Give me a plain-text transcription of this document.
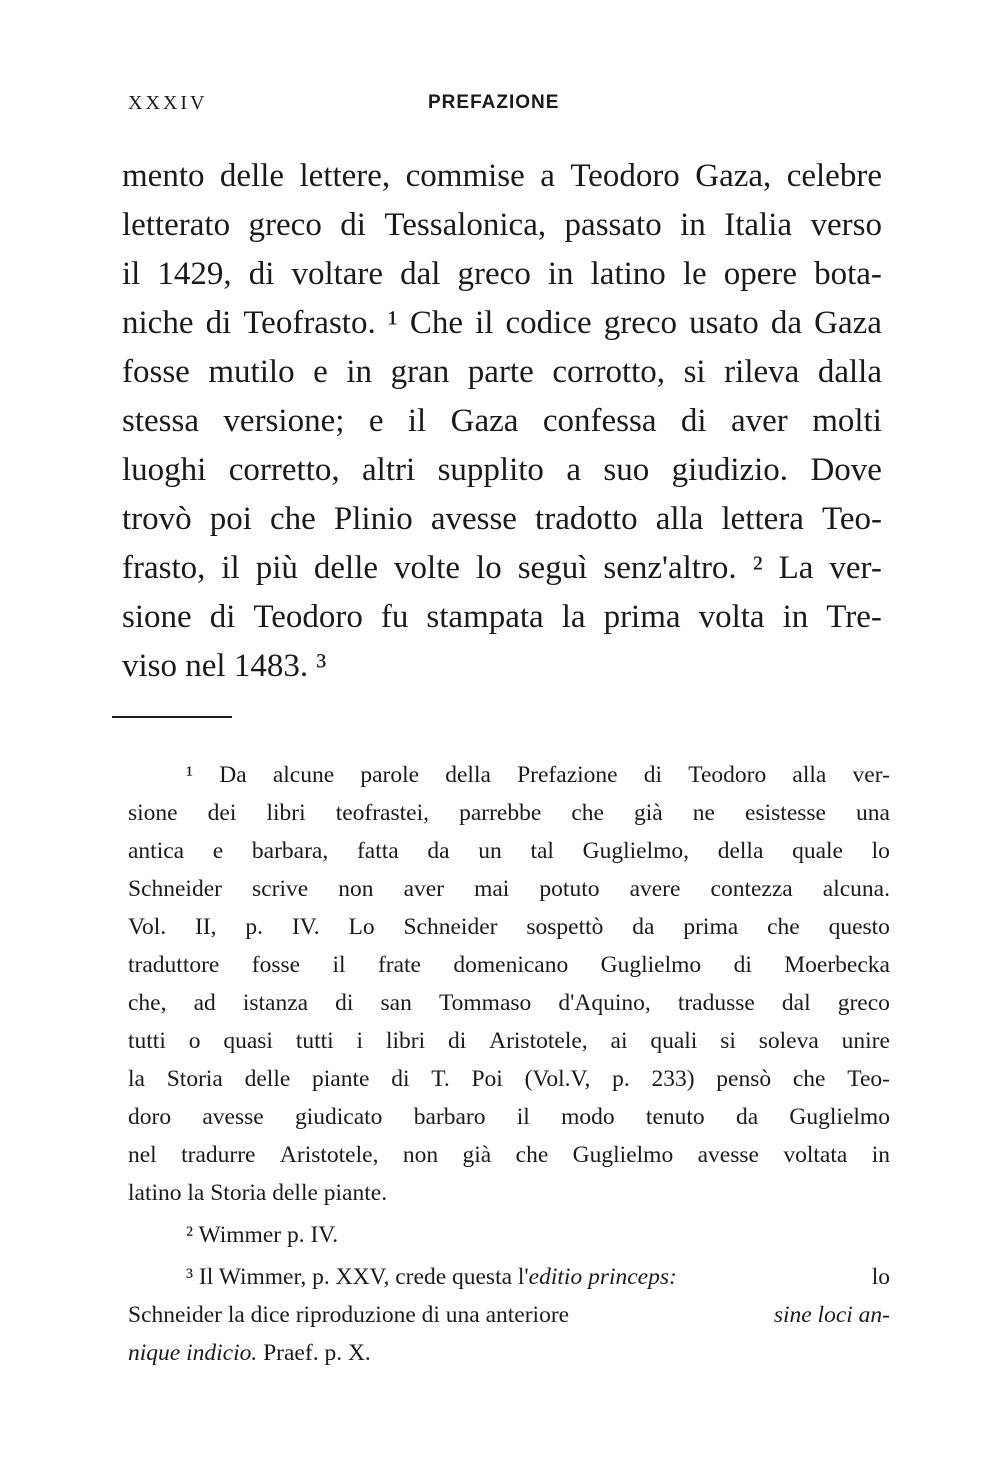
XXXIV	PREFAZIONE
mento delle lettere, commise a Teodoro Gaza, celebre
letterato greco di Tessalonica, passato in Italia verso
il 1429, di voltare dal greco in latino le opere bota-
niche di Teofrasto. ¹ Che il codice greco usato da Gaza
fosse mutilo e in gran parte corrotto, si rileva dalla
stessa versione; e il Gaza confessa di aver molti
luoghi corretto, altri supplito a suo giudizio. Dove
trovò poi che Plinio avesse tradotto alla lettera Teo-
frasto, il più delle volte lo seguì senz'altro. ² La ver-
sione di Teodoro fu stampata la prima volta in Tre-
viso nel 1483. ³
¹ Da alcune parole della Prefazione di Teodoro alla ver-
sione dei libri teofrastei, parrebbe che già ne esistesse una
antica e barbara, fatta da un tal Guglielmo, della quale lo
Schneider scrive non aver mai potuto avere contezza alcuna.
Vol. II, p. IV. Lo Schneider sospettò da prima che questo
traduttore fosse il frate domenicano Guglielmo di Moerbecka
che, ad istanza di san Tommaso d'Aquino, tradusse dal greco
tutti o quasi tutti i libri di Aristotele, ai quali si soleva unire
la Storia delle piante di T. Poi (Vol.V, p. 233) pensò che Teo-
doro avesse giudicato barbaro il modo tenuto da Guglielmo
nel tradurre Aristotele, non già che Guglielmo avesse voltata in
latino la Storia delle piante.
² Wimmer p. IV.
³ Il Wimmer, p. XXV, crede questa l'editio princeps:	lo
Schneider la dice riproduzione di una anteriore	sine loci an-
nique indicio. Praef. p. X.
